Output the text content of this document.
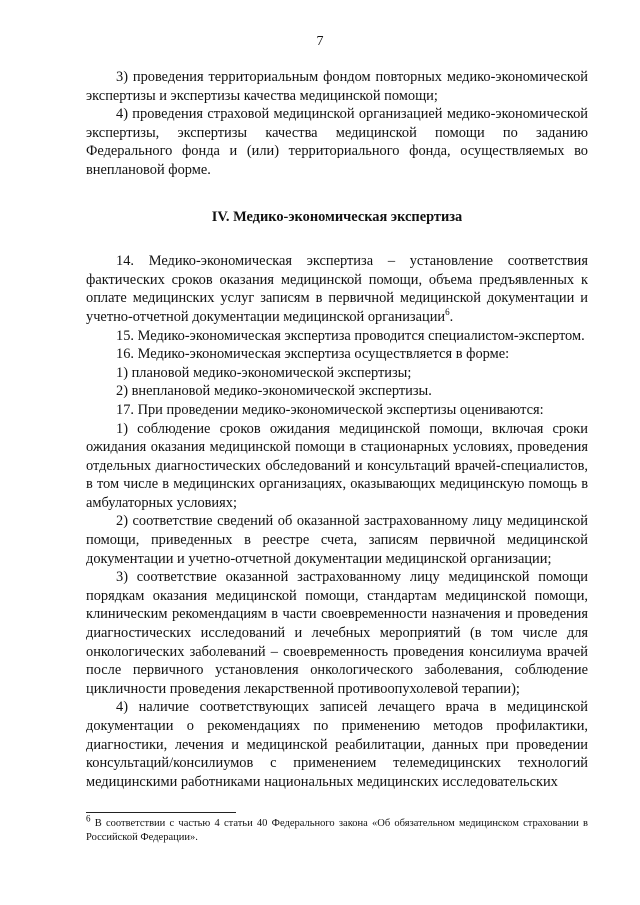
7

3) проведения территориальным фондом повторных медико-экономической экспертизы и экспертизы качества медицинской помощи;

4) проведения страховой медицинской организацией медико-экономической экспертизы, экспертизы качества медицинской помощи по заданию Федерального фонда и (или) территориального фонда, осуществляемых во внеплановой форме.

IV. Медико-экономическая экспертиза

14. Медико-экономическая экспертиза – установление соответствия фактических сроков оказания медицинской помощи, объема предъявленных к оплате медицинских услуг записям в первичной медицинской документации и учетно-отчетной документации медицинской организации$^6$.

15. Медико-экономическая экспертиза проводится специалистом-экспертом.

16. Медико-экономическая экспертиза осуществляется в форме:

1) плановой медико-экономической экспертизы;

2) внеплановой медико-экономической экспертизы.

17. При проведении медико-экономической экспертизы оцениваются:

1) соблюдение сроков ожидания медицинской помощи, включая сроки ожидания оказания медицинской помощи в стационарных условиях, проведения отдельных диагностических обследований и консультаций врачей-специалистов, в том числе в медицинских организациях, оказывающих медицинскую помощь в амбулаторных условиях;

2) соответствие сведений об оказанной застрахованному лицу медицинской помощи, приведенных в реестре счета, записям первичной медицинской документации и учетно-отчетной документации медицинской организации;

3) соответствие оказанной застрахованному лицу медицинской помощи порядкам оказания медицинской помощи, стандартам медицинской помощи, клиническим рекомендациям в части своевременности назначения и проведения диагностических исследований и лечебных мероприятий (в том числе для онкологических заболеваний – своевременность проведения консилиума врачей после первичного установления онкологического заболевания, соблюдение цикличности проведения лекарственной противоопухолевой терапии);

4) наличие соответствующих записей лечащего врача в медицинской документации о рекомендациях по применению методов профилактики, диагностики, лечения и медицинской реабилитации, данных при проведении консультаций/консилиумов с применением телемедицинских технологий медицинскими работниками национальных медицинских исследовательских

$^6$ В соответствии с частью 4 статьи 40 Федерального закона «Об обязательном медицинском страховании в Российской Федерации».
